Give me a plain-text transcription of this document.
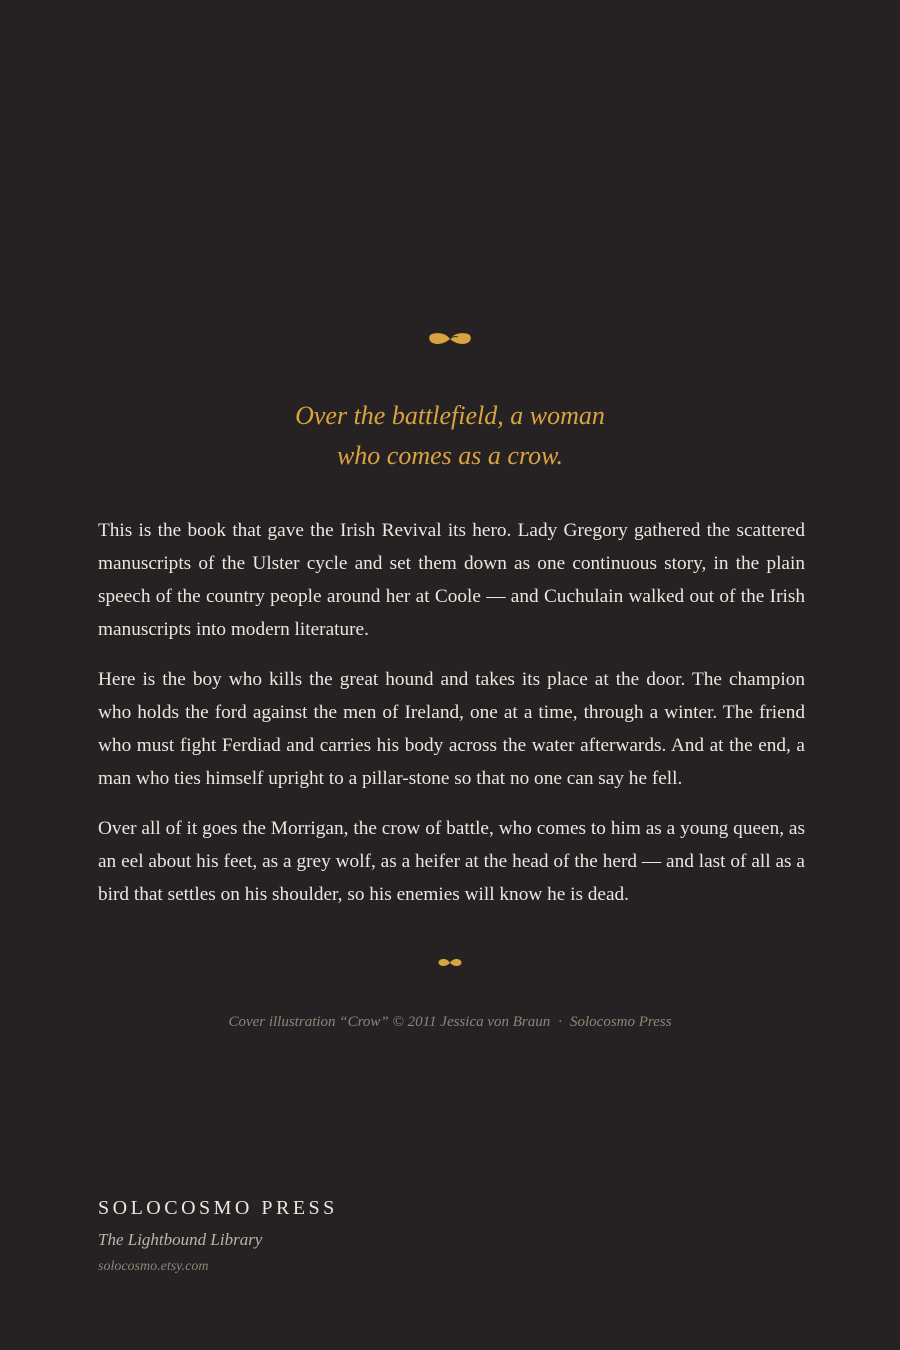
Over the battlefield, a woman
who comes as a crow.

This is the book that gave the Irish Revival its hero. Lady Gregory gathered the scattered manuscripts of the Ulster cycle and set them down as one continuous story, in the plain speech of the country people around her at Coole — and Cuchulain walked out of the Irish manuscripts into modern literature.

Here is the boy who kills the great hound and takes its place at the door. The champion who holds the ford against the men of Ireland, one at a time, through a winter. The friend who must fight Ferdiad and carries his body across the water afterwards. And at the end, a man who ties himself upright to a pillar-stone so that no one can say he fell.

Over all of it goes the Morrigan, the crow of battle, who comes to him as a young queen, as an eel about his feet, as a grey wolf, as a heifer at the head of the herd — and last of all as a bird that settles on his shoulder, so his enemies will know he is dead.

Cover illustration “Crow” © 2011 Jessica von Braun · Solocosmo Press
SOLOCOSMO PRESS
The Lightbound Library
solocosmo.etsy.com
